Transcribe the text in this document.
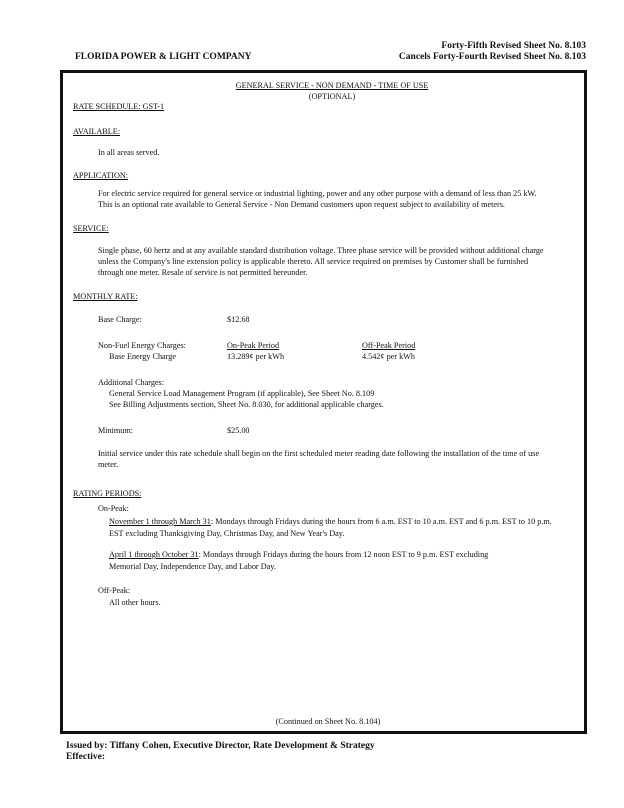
FLORIDA POWER & LIGHT COMPANY
Forty-Fifth Revised Sheet No. 8.103
Cancels Forty-Fourth Revised Sheet No. 8.103
GENERAL SERVICE - NON DEMAND - TIME OF USE
(OPTIONAL)
RATE SCHEDULE: GST-1
AVAILABLE:
In all areas served.
APPLICATION:
For electric service required for general service or industrial lighting, power and any other purpose with a demand of less than 25 kW.
This is an optional rate available to General Service - Non Demand customers upon request subject to availability of meters.
SERVICE:
Single phase, 60 hertz and at any available standard distribution voltage. Three phase service will be provided without additional charge
unless the Company's line extension policy is applicable thereto. All service required on premises by Customer shall be furnished
through one meter. Resale of service is not permitted hereunder.
MONTHLY RATE:
Base Charge:	$12.68
Non-Fuel Energy Charges:	On-Peak Period	Off-Peak Period
Base Energy Charge	13.289¢ per kWh	4.542¢ per kWh
Additional Charges:
General Service Load Management Program (if applicable), See Sheet No. 8.109
See Billing Adjustments section, Sheet No. 8.030, for additional applicable charges.
Minimum:	$25.00
Initial service under this rate schedule shall begin on the first scheduled meter reading date following the installation of the time of use
meter.
RATING PERIODS:
On-Peak:
November 1 through March 31: Mondays through Fridays during the hours from 6 a.m. EST to 10 a.m. EST and 6 p.m. EST to 10 p.m.
EST excluding Thanksgiving Day, Christmas Day, and New Year's Day.
April 1 through October 31: Mondays through Fridays during the hours from 12 noon EST to 9 p.m. EST excluding
Memorial Day, Independence Day, and Labor Day.
Off-Peak:
All other hours.
(Continued on Sheet No. 8.104)
Issued by: Tiffany Cohen, Executive Director, Rate Development & Strategy
Effective:
